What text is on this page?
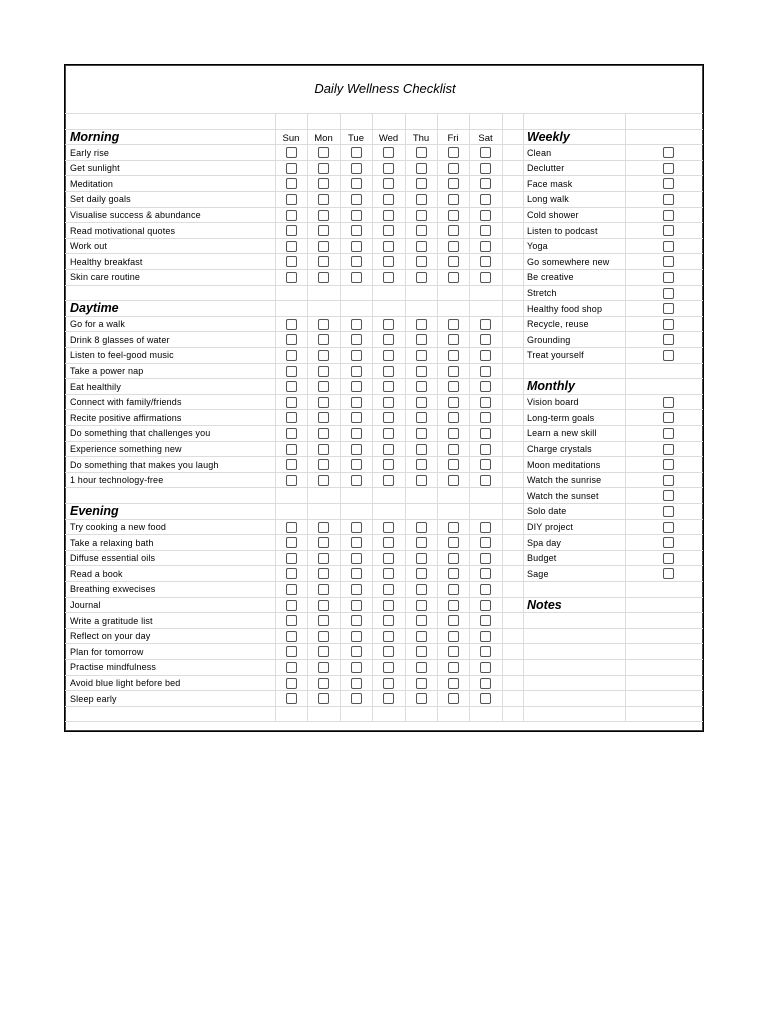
Daily Wellness Checklist
Sun	Mon	Tue	Wed	Thu	Fri	Sat
Morning
Early rise
Get sunlight
Meditation
Set daily goals
Visualise success & abundance
Read motivational quotes
Work out
Healthy breakfast
Skin care routine
Daytime
Go for a walk
Drink 8 glasses of water
Listen to feel-good music
Take a power nap
Eat healthily
Connect with family/friends
Recite positive affirmations
Do something that challenges you
Experience something new
Do something that makes you laugh
1 hour technology-free
Evening
Try cooking a new food
Take a relaxing bath
Diffuse essential oils
Read a book
Breathing exwecises
Journal
Write a gratitude list
Reflect on your day
Plan for tomorrow
Practise mindfulness
Avoid blue light before bed
Sleep early
Weekly
Clean
Declutter
Face mask
Long walk
Cold shower
Listen to podcast
Yoga
Go somewhere new
Be creative
Stretch
Healthy food shop
Recycle, reuse
Grounding
Treat yourself
Monthly
Vision board
Long-term goals
Learn a new skill
Charge crystals
Moon meditations
Watch the sunrise
Watch the sunset
Solo date
DIY project
Spa day
Budget
Sage
Notes
